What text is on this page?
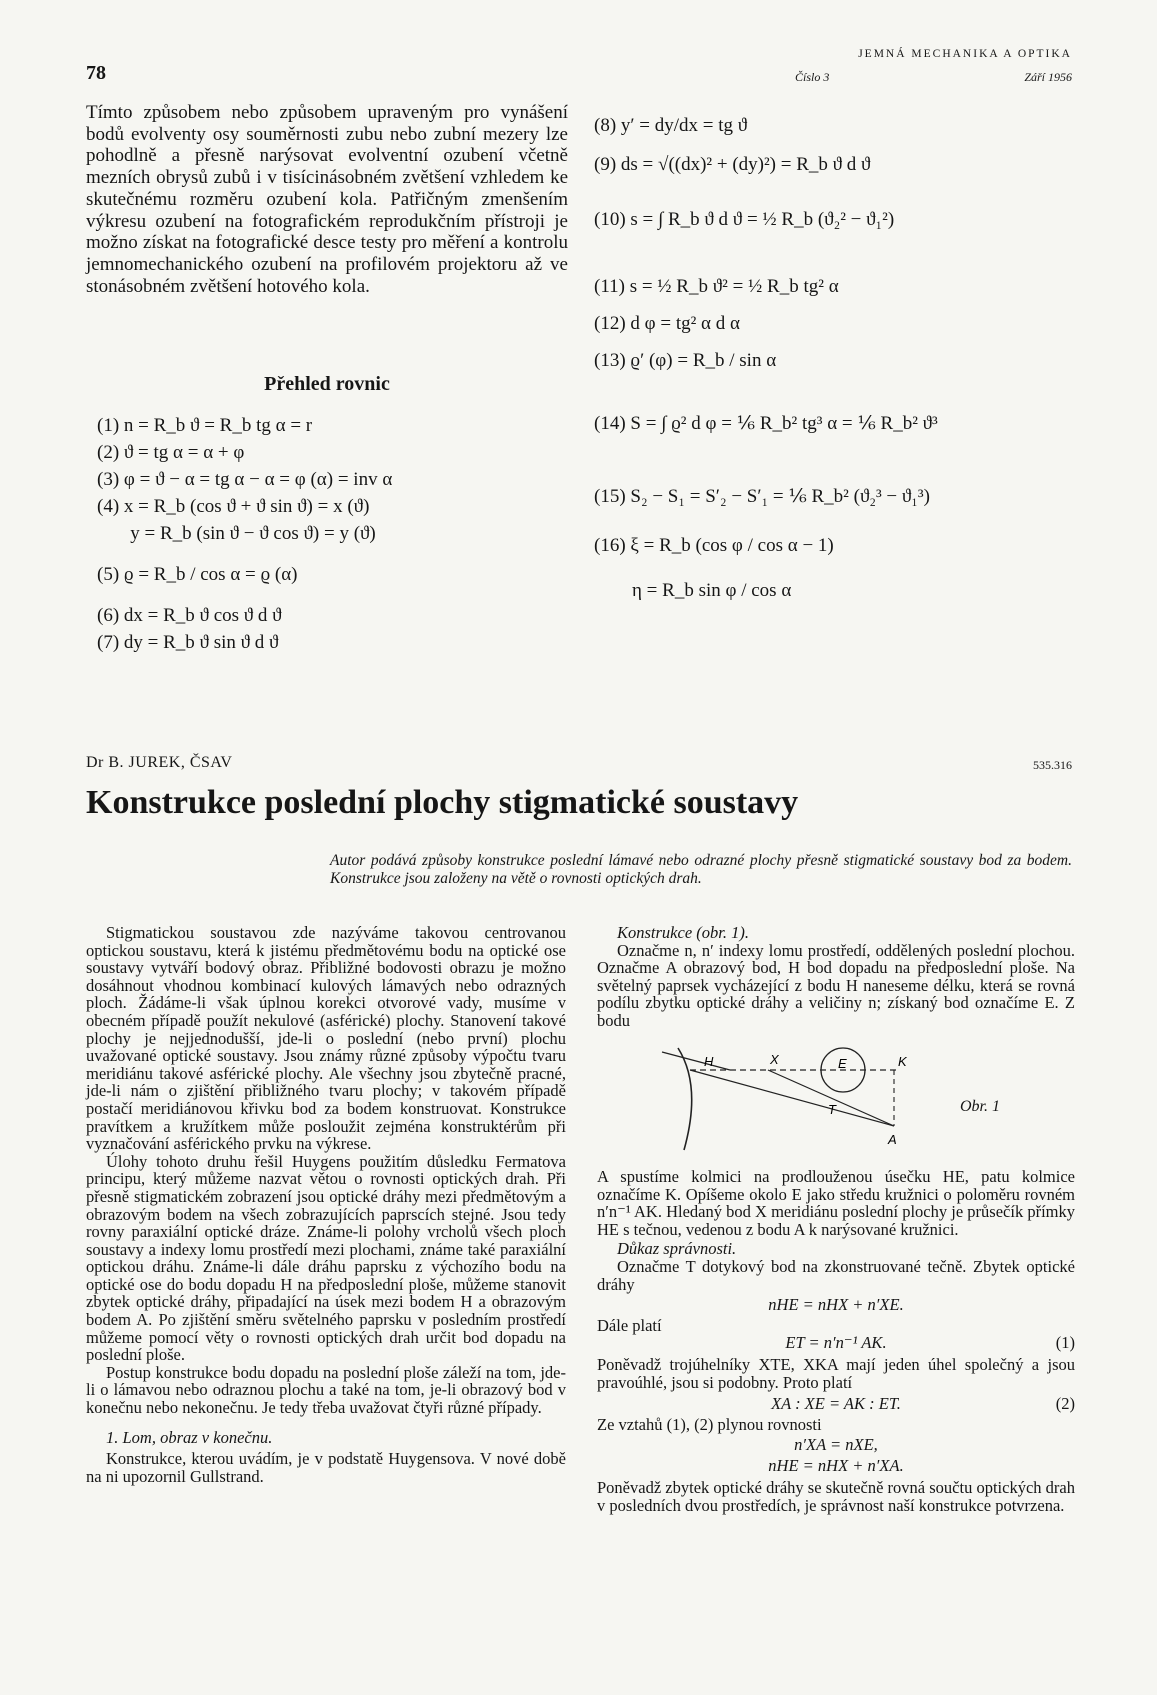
78
JEMNÁ MECHANIKA A OPTIKA
Číslo 3	Září 1956

Tímto způsobem nebo způsobem upraveným pro vynášení bodů evolventy osy souměrnosti zubu nebo zubní mezery lze pohodlně a přesně narýsovat evolventní ozubení včetně mezních obrysů zubů i v tisícinásobném zvětšení vzhledem ke skutečnému rozměru ozubení kola. Patřičným zmenšením výkresu ozubení na fotografickém reprodukčním přístroji je možno získat na fotografické desce testy pro měření a kontrolu jemnomechanického ozubení na profilovém projektoru až ve stonásobném zvětšení hotového kola.

Přehled rovnic
(1) n = R_b ϑ = R_b tg α = r
(2) ϑ = tg α = α + φ
(3) φ = ϑ − α = tg α − α = φ (α) = inv α
(4) x = R_b (cos ϑ + ϑ sin ϑ) = x (ϑ)
y = R_b (sin ϑ − ϑ cos ϑ) = y (ϑ)
(5) ϱ = R_b / cos α = ϱ (α)
(6) dx = R_b ϑ cos ϑ d ϑ
(7) dy = R_b ϑ sin ϑ d ϑ
(8) y′ = dy/dx = tg ϑ
(9) ds = √((dx)² + (dy)²) = R_b ϑ d ϑ
(10) s = ∫ R_b ϑ d ϑ = ½ R_b (ϑ₂² − ϑ₁²)
(11) s = ½ R_b ϑ² = ½ R_b tg² α
(12) d φ = tg² α d α
(13) ϱ′ (φ) = R_b / sin α
(14) S = ∫ ϱ² d φ = ⅙ R_b² tg³ α = ⅙ R_b² ϑ³
(15) S₂ − S₁ = S′₂ − S′₁ = ⅙ R_b² (ϑ₂³ − ϑ₁³)
(16) ξ = R_b (cos φ / cos α − 1)
η = R_b sin φ / cos α
Dr B. JUREK, ČSAV	535.316
Konstrukce poslední plochy stigmatické soustavy

Autor podává způsoby konstrukce poslední lámavé nebo odrazné plochy přesně stigmatické soustavy bod za bodem. Konstrukce jsou založeny na větě o rovnosti optických drah.

Stigmatickou soustavou zde nazýváme takovou centrovanou optickou soustavu, která k jistému předmětovému bodu na optické ose soustavy vytváří bodový obraz. Přibližné bodovosti obrazu je možno dosáhnout vhodnou kombinací kulových lámavých nebo odrazných ploch. Žádáme-li však úplnou korekci otvorové vady, musíme v obecném případě použít nekulové (asférické) plochy. Stanovení takové plochy je nejjednodušší, jde-li o poslední (nebo první) plochu uvažované optické soustavy. Jsou známy různé způsoby výpočtu tvaru meridiánu takové asférické plochy. Ale všechny jsou zbytečně pracné, jde-li nám o zjištění přibližného tvaru plochy; v takovém případě postačí meridiánovou křivku bod za bodem konstruovat. Konstrukce pravítkem a kružítkem může posloužit zejména konstruktérům při vyznačování asférického prvku na výkrese.

Úlohy tohoto druhu řešil Huygens použitím důsledku Fermatova principu, který můžeme nazvat větou o rovnosti optických drah. Při přesně stigmatickém zobrazení jsou optické dráhy mezi předmětovým a obrazovým bodem na všech zobrazujících paprscích stejné. Jsou tedy rovny paraxiální optické dráze. Známe-li polohy vrcholů všech ploch soustavy a indexy lomu prostředí mezi plochami, známe také paraxiální optickou dráhu. Známe-li dále dráhu paprsku z výchozího bodu na optické ose do bodu dopadu H na předposlední ploše, můžeme stanovit zbytek optické dráhy, připadající na úsek mezi bodem H a obrazovým bodem A. Po zjištění směru světelného paprsku v posledním prostředí můžeme pomocí věty o rovnosti optických drah určit bod dopadu na poslední ploše.

Postup konstrukce bodu dopadu na poslední ploše záleží na tom, jde-li o lámavou nebo odraznou plochu a také na tom, je-li obrazový bod v konečnu nebo nekonečnu. Je tedy třeba uvažovat čtyři různé případy.

1. Lom, obraz v konečnu.

Konstrukce, kterou uvádím, je v podstatě Huygensova. V nové době na ni upozornil Gullstrand.

Konstrukce (obr. 1).

Označme n, n′ indexy lomu prostředí, oddělených poslední plochou. Označme A obrazový bod, H bod dopadu na předposlední ploše. Na světelný paprsek vycházející z bodu H naneseme délku, která se rovná podílu zbytku optické dráhy a veličiny n; získaný bod označíme E. Z bodu

H	X	E	K
T
A
Obr. 1

A spustíme kolmici na prodlouženou úsečku HE, patu kolmice označíme K. Opíšeme okolo E jako středu kružnici o poloměru rovném n′n⁻¹ AK. Hledaný bod X meridiánu poslední plochy je průsečík přímky HE s tečnou, vedenou z bodu A k narýsované kružnici.

Důkaz správnosti.

Označme T dotykový bod na zkonstruované tečně. Zbytek optické dráhy

nHE = nHX + n′XE.

Dále platí

ET = n′n⁻¹ AK.	(1)

Poněvadž trojúhelníky XTE, XKA mají jeden úhel společný a jsou pravoúhlé, jsou si podobny. Proto platí

XA : XE = AK : ET.	(2)

Ze vztahů (1), (2) plynou rovnosti

n′XA = nXE,

nHE = nHX + n′XA.

Poněvadž zbytek optické dráhy se skutečně rovná součtu optických drah v posledních dvou prostředích, je správnost naší konstrukce potvrzena.
